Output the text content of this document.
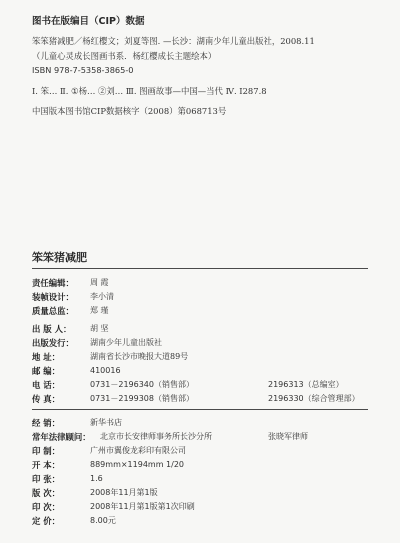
图书在版编目（CIP）数据
笨笨猪减肥／杨红樱文；刘夏等图. —长沙：湖南少年儿童出版社，2008.11
（儿童心灵成长图画书系．杨红樱成长主题绘本）
ISBN 978-7-5358-3865-0
Ⅰ. 笨… Ⅱ. ①杨… ②刘… Ⅲ. 图画故事—中国—当代 Ⅳ. I287.8
中国版本图书馆CIP数据核字（2008）第068713号
笨笨猪减肥
责任编辑： 周 霞
装帧设计： 李小清
质量总监： 郑 瑾
出 版 人： 胡 坚
出版发行： 湖南少年儿童出版社
地 址：	湖南省长沙市晚报大道89号
邮 编：	410016
电 话：	0731－2196340（销售部）	2196313（总编室）
传 真：	0731－2199308（销售部）	2196330（综合管理部）
经 销：	新华书店
常年法律顾问： 北京市长安律师事务所长沙分所	张晓军律师
印 制：	广州市翼俊龙彩印有限公司
开 本：	889mm×1194mm 1/20
印 张：	1.6
版 次：	2008年11月第1版
印 次：	2008年11月第1版第1次印刷
定 价：	8.00元
